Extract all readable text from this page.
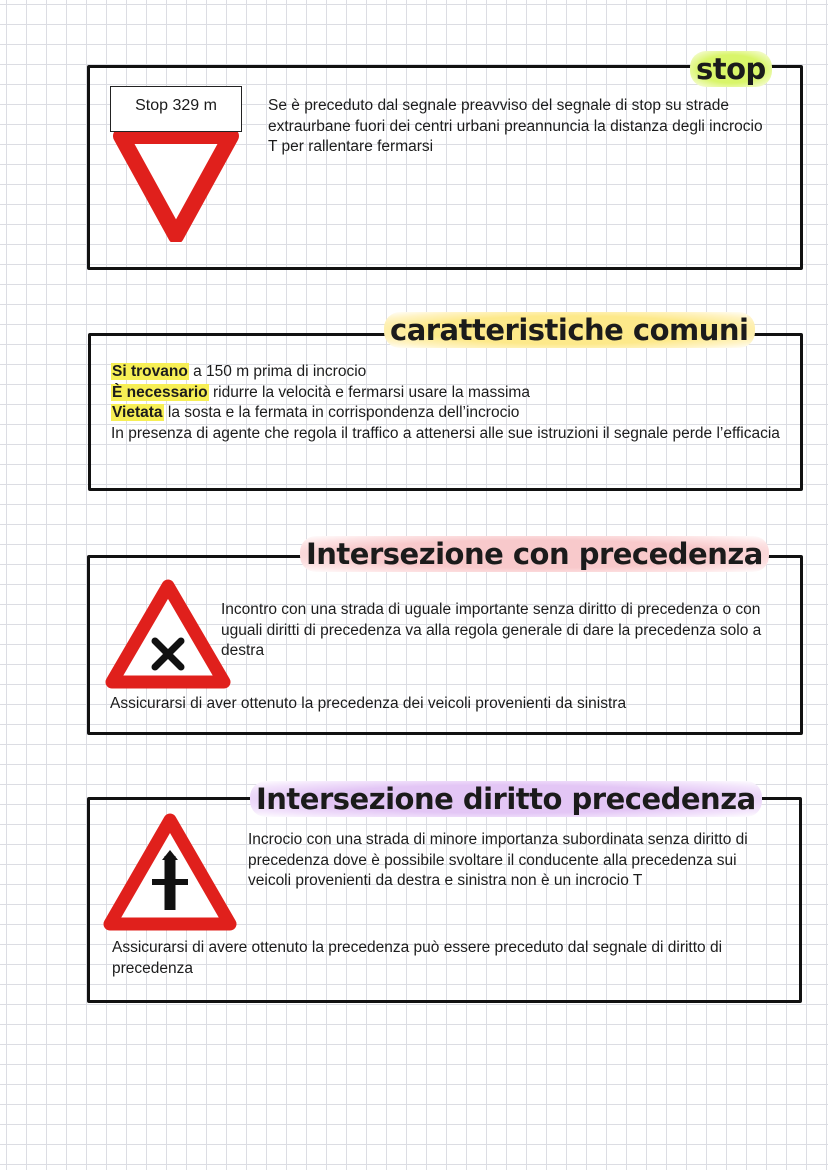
stop
Stop 329 m	Se è preceduto dal segnale preavviso del segnale di stop su strade extraurbane fuori dei centri urbani preannuncia la distanza degli incrocio T per rallentare fermarsi
caratteristiche comuni
Si trovano a 150 m prima di incrocio
È necessario ridurre la velocità e fermarsi usare la massima
Vietata la sosta e la fermata in corrispondenza dell’incrocio
In presenza di agente che regola il traffico a attenersi alle sue istruzioni il segnale perde l’efficacia
Intersezione con precedenza
Incontro con una strada di uguale importante senza diritto di precedenza o con uguali diritti di precedenza va alla regola generale di dare la precedenza solo a destra
Assicurarsi di aver ottenuto la precedenza dei veicoli provenienti da sinistra
Intersezione diritto precedenza
Incrocio con una strada di minore importanza subordinata senza diritto di precedenza dove è possibile svoltare il conducente alla precedenza sui veicoli provenienti da destra e sinistra non è un incrocio T
Assicurarsi di avere ottenuto la precedenza può essere preceduto dal segnale di diritto di precedenza
